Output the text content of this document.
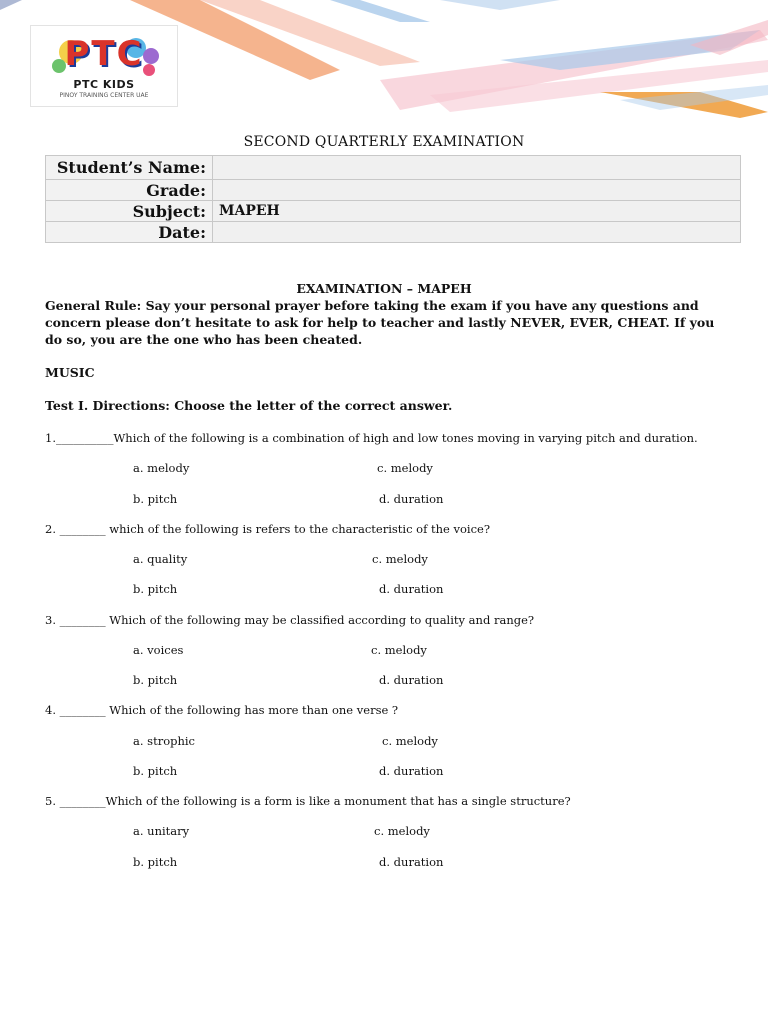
PTC
PTC KIDS
PINOY TRAINING CENTER UAE
SECOND QUARTERLY EXAMINATION
Student’s Name:	
Grade:	
Subject:	MAPEH
Date:	
EXAMINATION – MAPEH

General Rule: Say your personal prayer before taking the exam if you have any questions and concern please don’t hesitate to ask for help to teacher and lastly NEVER, EVER, CHEAT. If you do so, you are the one who has been cheated.

MUSIC
Test I. Directions: Choose the letter of the correct answer.
1.__________Which of the following is a combination of high and low tones moving in varying pitch and duration.
a. melody	c. melody
b. pitch	d. duration
2. ________ which of the following is refers to the characteristic of the voice?
a. quality	c. melody
b. pitch	d. duration
3. ________ Which of the following may be classified according to quality and range?
a. voices	c. melody
b. pitch	d. duration
4. ________ Which of the following has more than one verse ?
a. strophic	c. melody
b. pitch	d. duration
5. ________Which of the following is a form is like a monument that has a single structure?
a. unitary	c. melody
b. pitch	d. duration
